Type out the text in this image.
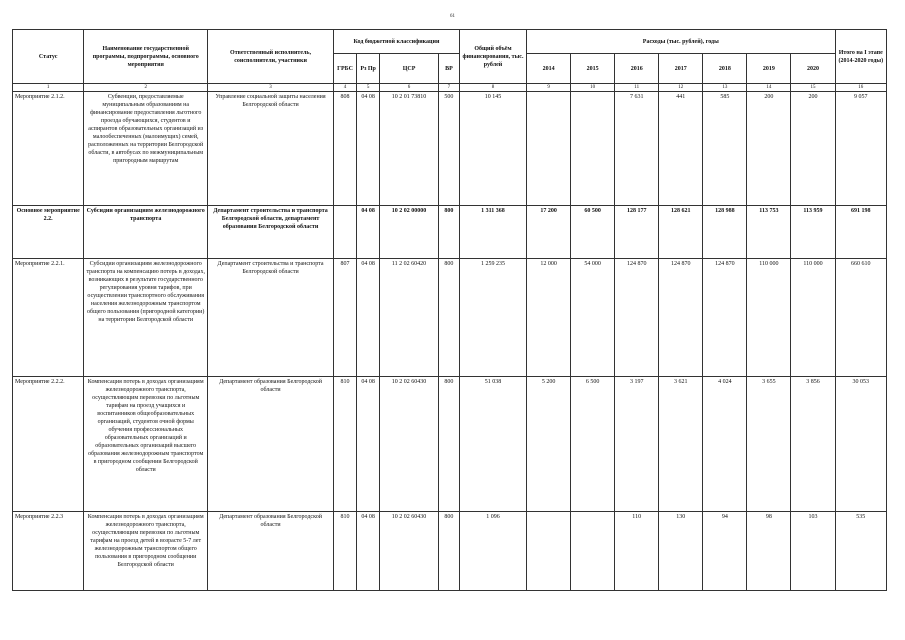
61
Статус	Наименование государственной программы, подпрограммы, основного мероприятия	Ответственный исполнитель, соисполнители, участники	Код бюджетной классификации				Общий объём финансирования, тыс. рублей	Расходы (тыс. рублей), годы							Итого на I этапе (2014-2020 годы)
			ГРБС	Рз Пр	ЦСР	ВР		2014	2015	2016	2017	2018	2019	2020	
1	2	3	4	5	6	7	8	9	10	11	12	13	14	15	16
Мероприятие 2.1.2.	Субвенции, предоставляемые муниципальным образованиям на финансирование предоставления льготного проезда обучающихся, студентов и аспирантов образовательных организаций из малообеспеченных (малоимущих) семей, расположенных на территории Белгородской области, в автобусах по межмуниципальным пригородным маршрутам	Управление социальной защиты населения Белгородской области	808	04 08	10 2 01 73810	500	10 145			7 631	441	585	200	200	9 057
Основное мероприятие 2.2.	Субсидии организациям железнодорожного транспорта	Департамент строительства и транспорта Белгородской области, департамент образования Белгородской области		04 08	10 2 02 00000	800	1 311 368	17 200	60 500	128 177	128 621	128 988	113 753	113 959	691 198
Мероприятие 2.2.1.	Субсидии организациям железнодорожного транспорта на компенсацию потерь в доходах, возникающих в результате государственного регулирования уровня тарифов, при осуществлении транспортного обслуживания населения железнодорожным транспортом общего пользования (пригородной категории) на территории Белгородской области	Департамент строительства и транспорта Белгородской области	807	04 08	11 2 02 60420	800	1 259 235	12 000	54 000	124 870	124 870	124 870	110 000	110 000	660 610
Мероприятие 2.2.2.	Компенсация потерь в доходах организациям железнодорожного транспорта, осуществляющим перевозки по льготным тарифам на проезд учащихся и воспитанников общеобразовательных организаций, студентов очной формы обучения профессиональных образовательных организаций и образовательных организаций высшего образования железнодорожным транспортом в пригородном сообщении Белгородской области	Департамент образования Белгородской области	810	04 08	10 2 02 60430	800	51 038	5 200	6 500	3 197	3 621	4 024	3 655	3 856	30 053
Мероприятие 2.2.3	Компенсация потерь в доходах организациям железнодорожного транспорта, осуществляющим перевозки по льготным тарифам на проезд детей в возрасте 5-7 лет железнодорожным транспортом общего пользования в пригородном сообщении Белгородской области	Департамент образования Белгородской области	810	04 08	10 2 02 60430	800	1 096			110	130	94	98	103	535
